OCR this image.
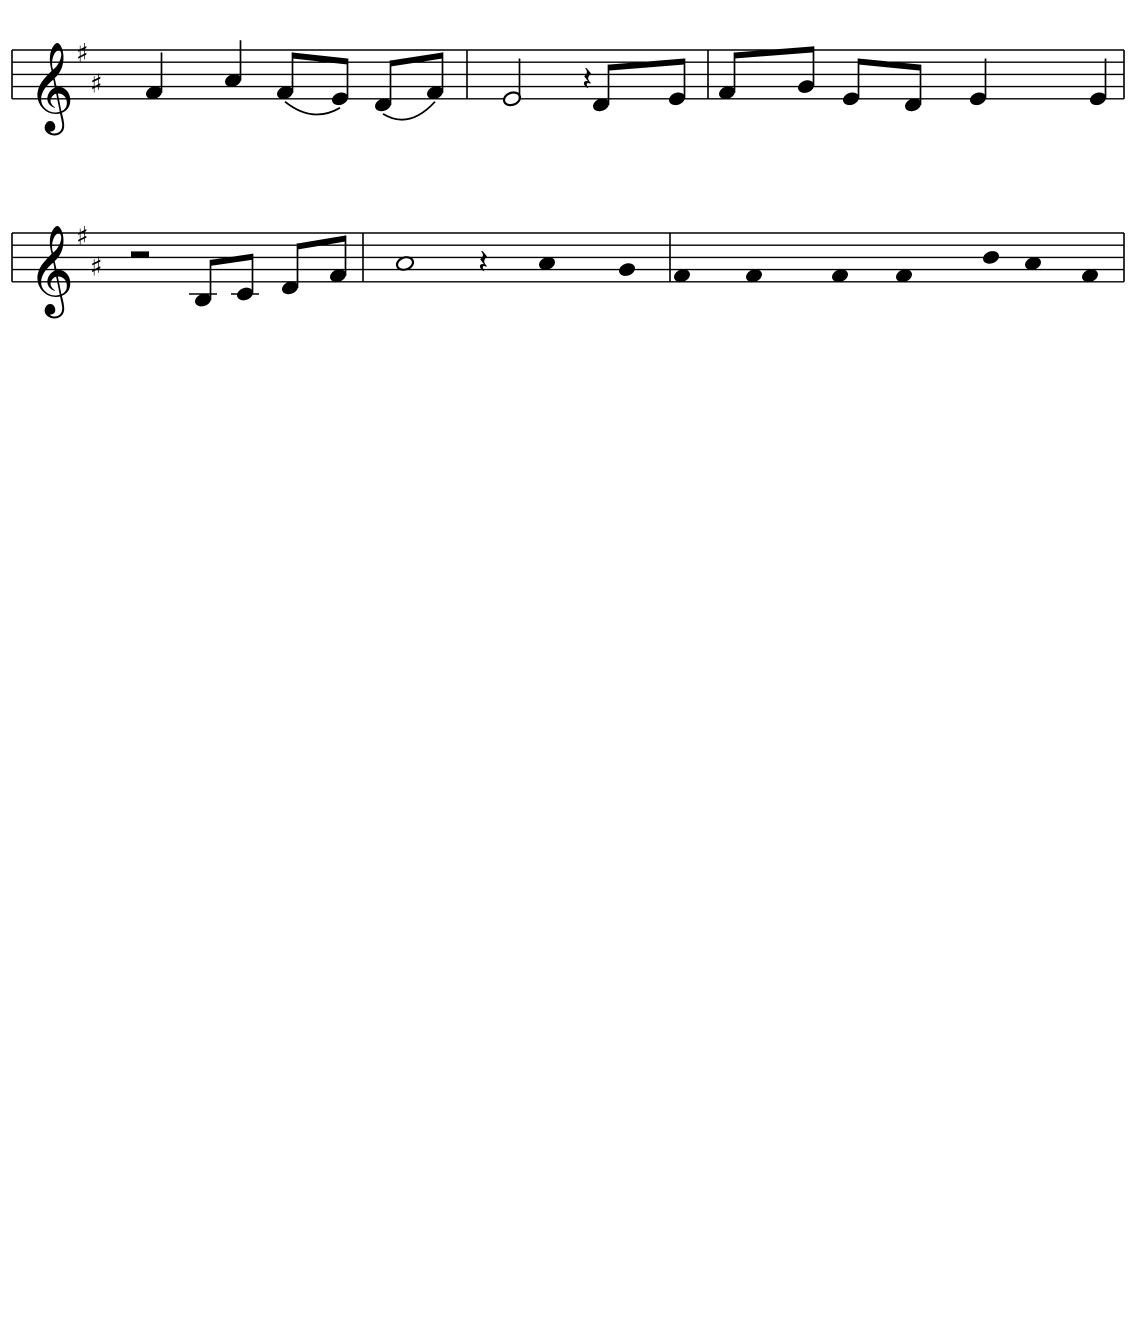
𝄞 ♯
♯
𝄞 ♯
♯
𝄽
𝄽
